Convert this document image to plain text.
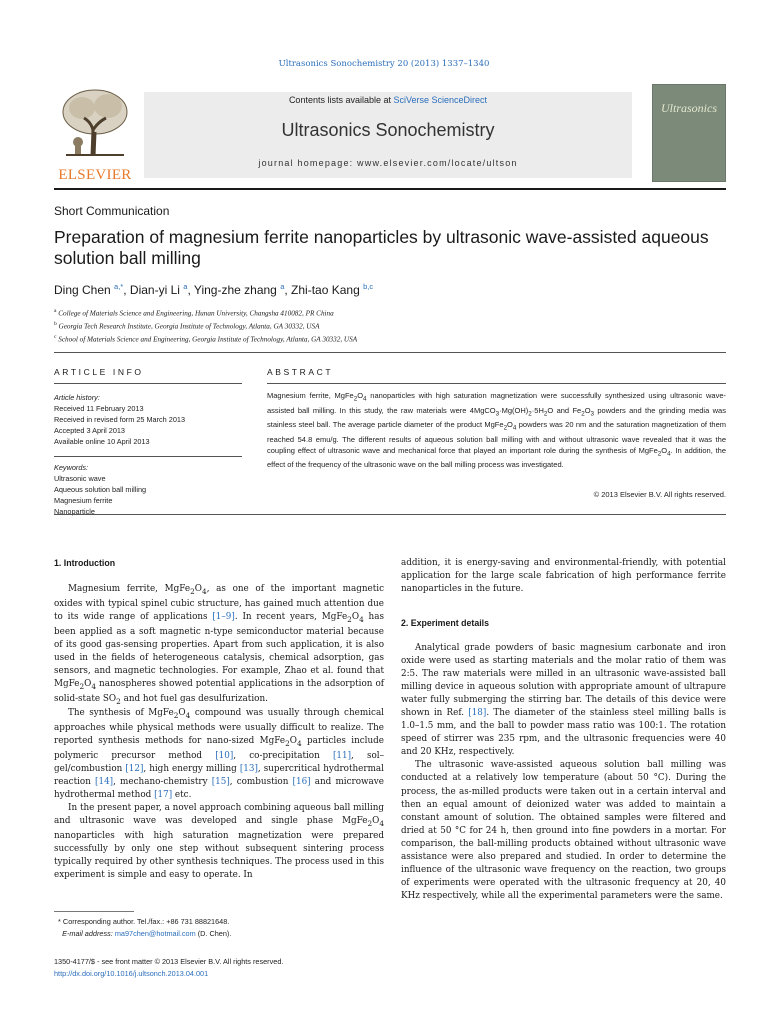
Ultrasonics Sonochemistry 20 (2013) 1337–1340
ELSEVIER
Contents lists available at SciVerse ScienceDirect
Ultrasonics Sonochemistry
journal homepage: www.elsevier.com/locate/ultson
Ultrasonics
Short Communication
Preparation of magnesium ferrite nanoparticles by ultrasonic wave-assisted aqueous solution ball milling
Ding Chen $^{a,*}$, Dian-yi Li $^a$, Ying-zhe zhang $^a$, Zhi-tao Kang $^{b,c}$
$^a$ College of Materials Science and Engineering, Hunan University, Changsha 410082, PR China
$^b$ Georgia Tech Research Institute, Georgia Institute of Technology, Atlanta, GA 30332, USA
$^c$ School of Materials Science and Engineering, Georgia Institute of Technology, Atlanta, GA 30332, USA
ARTICLE INFO
Article history:
Received 11 February 2013
Received in revised form 25 March 2013
Accepted 3 April 2013
Available online 10 April 2013
Keywords:
Ultrasonic wave
Aqueous solution ball milling
Magnesium ferrite
Nanoparticle
ABSTRACT
Magnesium ferrite, $MgFe_2O_4$ nanoparticles with high saturation magnetization were successfully synthesized using ultrasonic wave-assisted ball milling. In this study, the raw materials were $4MgCO_3\cdot Mg(OH)_2\cdot 5H_2O$ and $Fe_2O_3$ powders and the grinding media was stainless steel ball. The average particle diameter of the product $MgFe_2O_4$ powders was 20 nm and the saturation magnetization of them reached 54.8 emu/g. The different results of aqueous solution ball milling with and without ultrasonic wave revealed that it was the coupling effect of ultrasonic wave and mechanical force that played an important role during the synthesis of $MgFe_2O_4$. In addition, the effect of the frequency of the ultrasonic wave on the ball milling process was investigated.
© 2013 Elsevier B.V. All rights reserved.
1. Introduction

Magnesium ferrite, $MgFe_2O_4$, as one of the important magnetic oxides with typical spinel cubic structure, has gained much attention due to its wide range of applications [1–9]. In recent years, $MgFe_2O_4$ has been applied as a soft magnetic n-type semiconductor material because of its good gas-sensing properties. Apart from such application, it is also used in the fields of heterogeneous catalysis, chemical adsorption, gas sensors, and magnetic technologies. For example, Zhao et al. found that $MgFe_2O_4$ nanospheres showed potential applications in the adsorption of solid-state $SO_2$ and hot fuel gas desulfurization.

The synthesis of $MgFe_2O_4$ compound was usually through chemical approaches while physical methods were usually difficult to realize. The reported synthesis methods for nano-sized $MgFe_2O_4$ particles include polymeric precursor method [10], co-precipitation [11], sol–gel/combustion [12], high energy milling [13], supercritical hydrothermal reaction [14], mechano-chemistry [15], combustion [16] and microwave hydrothermal method [17] etc.

In the present paper, a novel approach combining aqueous ball milling and ultrasonic wave was developed and single phase $MgFe_2O_4$ nanoparticles with high saturation magnetization were prepared successfully by only one step without subsequent sintering process typically required by other synthesis techniques. The process used in this experiment is simple and easy to operate. In

addition, it is energy-saving and environmental-friendly, with potential application for the large scale fabrication of high performance ferrite nanoparticles in the future.

2. Experiment details

Analytical grade powders of basic magnesium carbonate and iron oxide were used as starting materials and the molar ratio of them was 2:5. The raw materials were milled in an ultrasonic wave-assisted ball milling device in aqueous solution with appropriate amount of ultrapure water fully submerging the stirring bar. The details of this device were shown in Ref. [18]. The diameter of the stainless steel milling balls is 1.0–1.5 mm, and the ball to powder mass ratio was 100:1. The rotation speed of stirrer was 235 rpm, and the ultrasonic frequencies were 40 and 20 KHz, respectively.

The ultrasonic wave-assisted aqueous solution ball milling was conducted at a relatively low temperature (about 50 °C). During the process, the as-milled products were taken out in a certain interval and then an equal amount of deionized water was added to maintain a constant amount of solution. The obtained samples were filtered and dried at 50 °C for 24 h, then ground into fine powders in a mortar. For comparison, the ball-milling products obtained without ultrasonic wave assistance were also prepared and studied. In order to determine the influence of the ultrasonic wave frequency on the reaction, two groups of experiments were operated with the ultrasonic frequency at 20, 40 KHz respectively, while all the experimental parameters were the same.

* Corresponding author. Tel./fax.: +86 731 88821648.
E-mail address: ma97chen@hotmail.com (D. Chen).
1350-4177/$ - see front matter © 2013 Elsevier B.V. All rights reserved.
http://dx.doi.org/10.1016/j.ultsonch.2013.04.001
